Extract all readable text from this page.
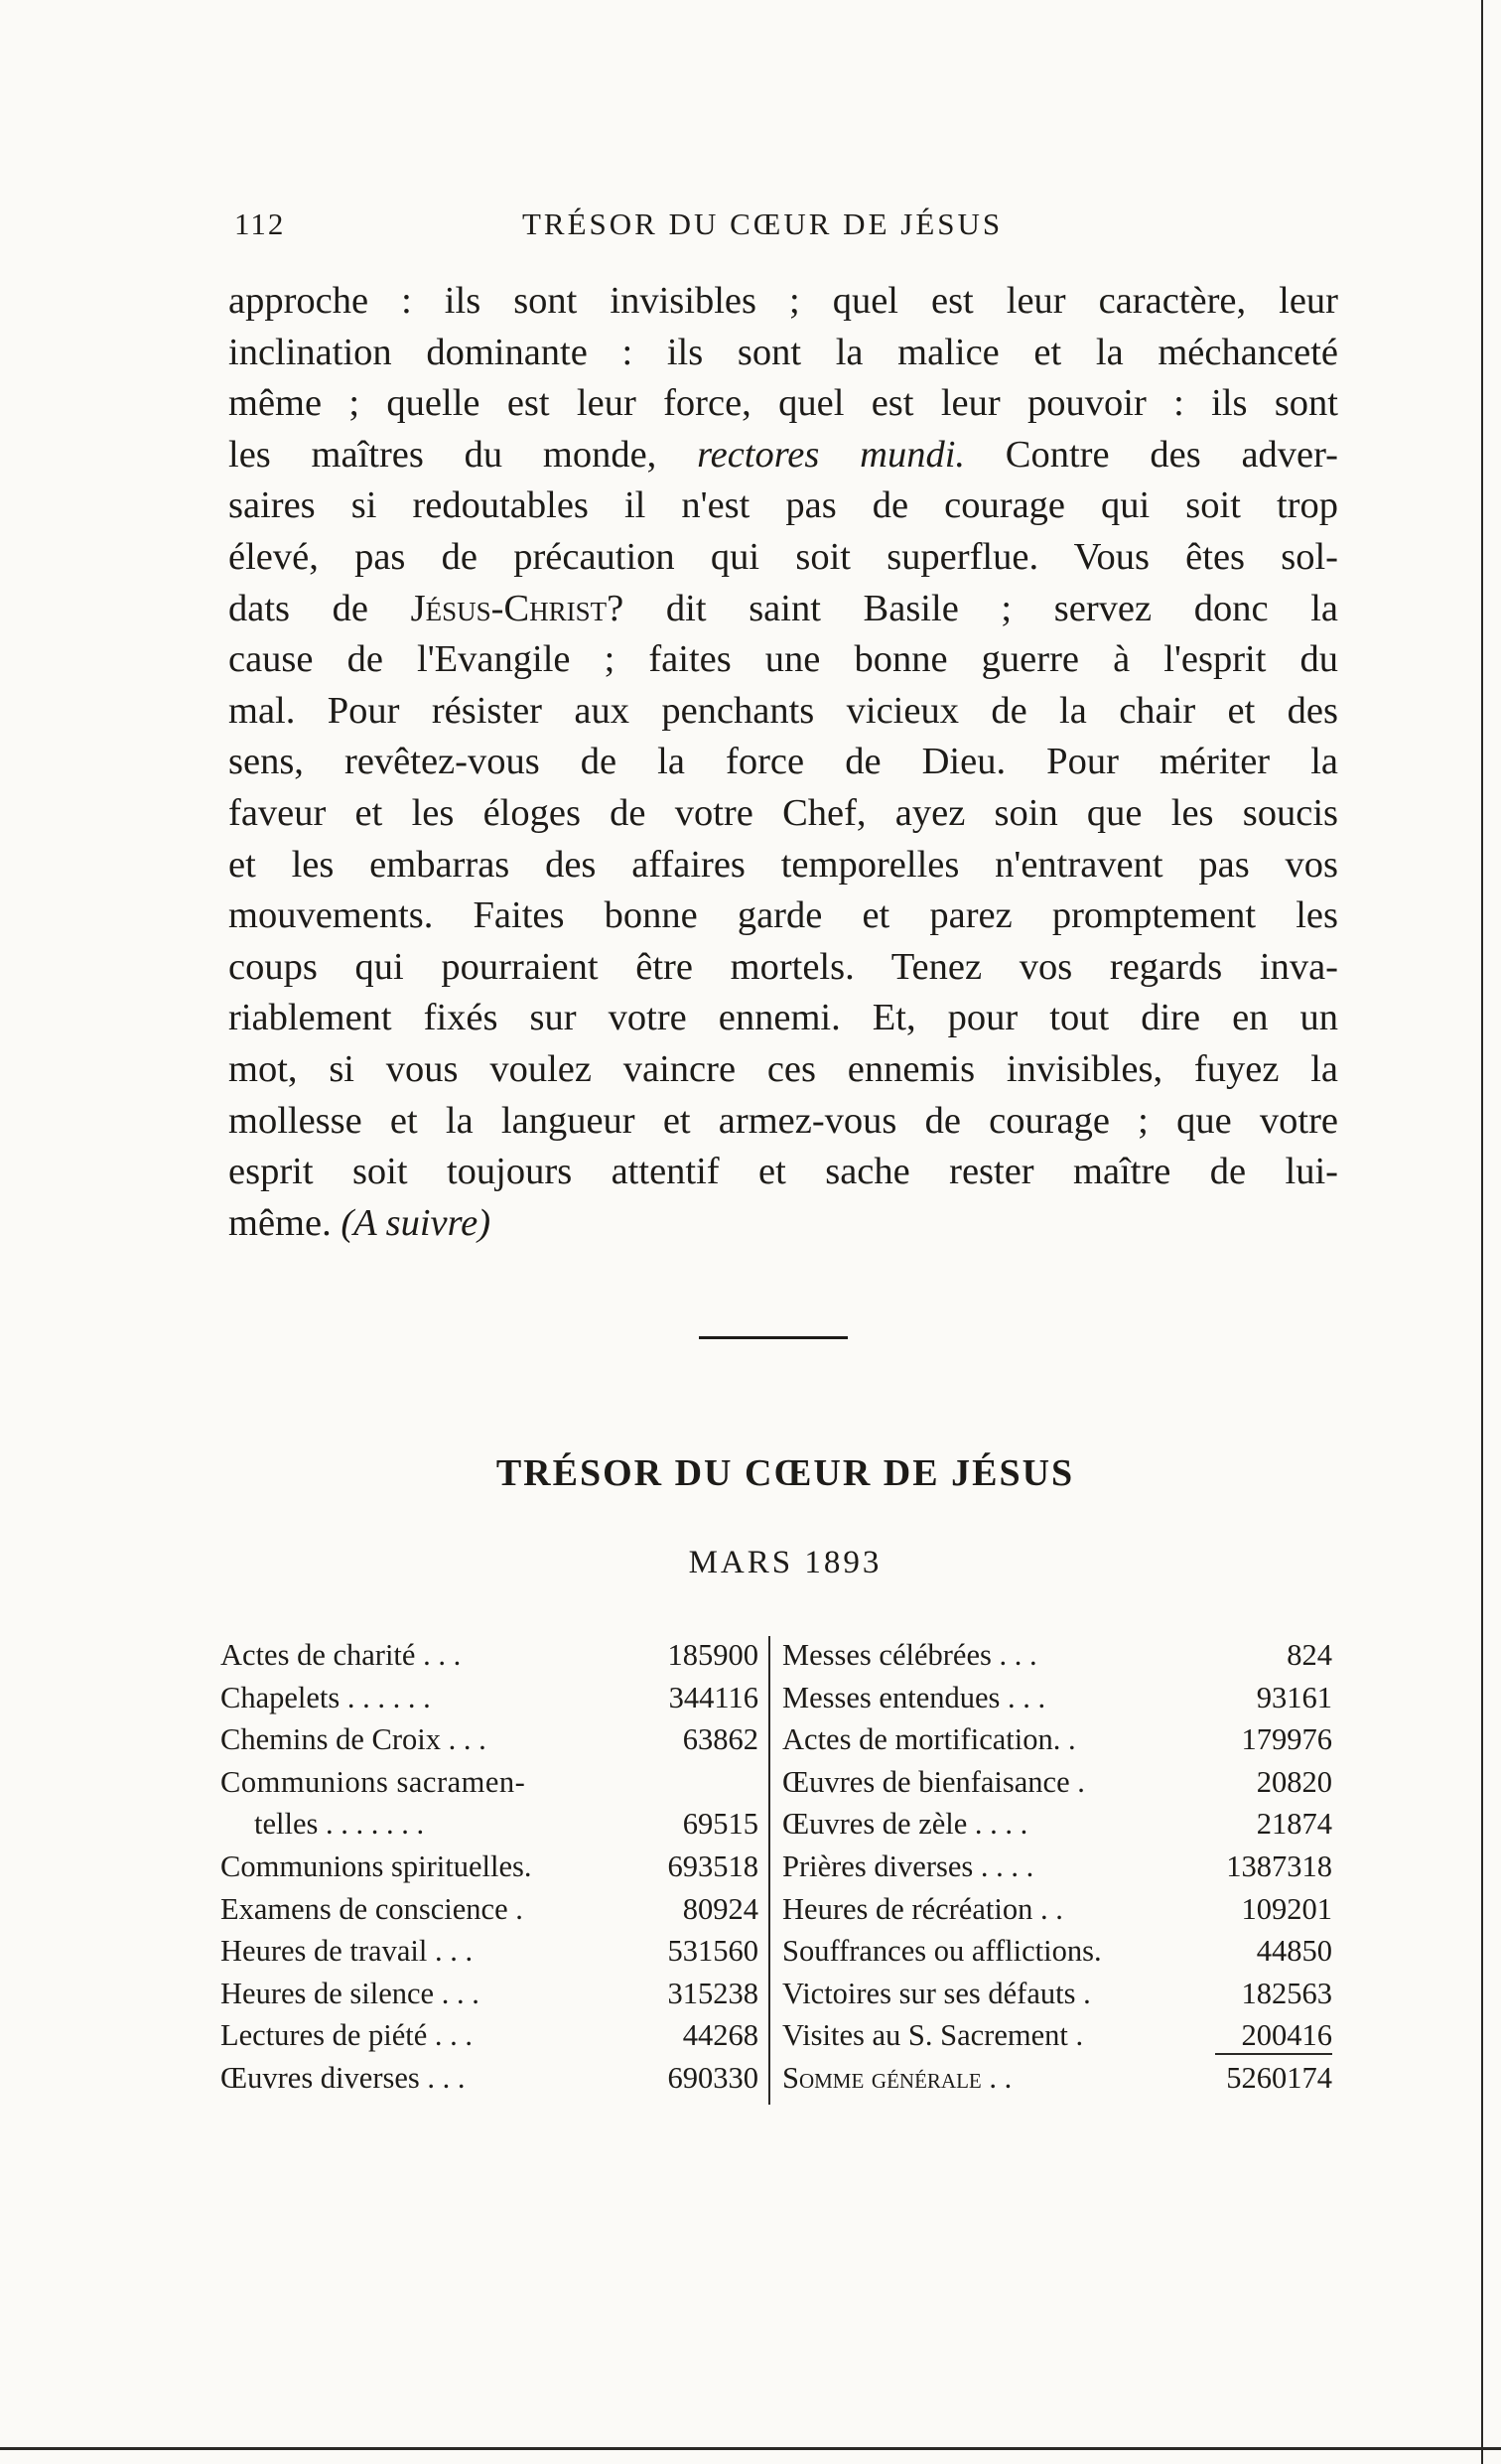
112	TRÉSOR DU CŒUR DE JÉSUS
approche : ils sont invisibles ; quel est leur caractère, leur
inclination dominante : ils sont la malice et la méchanceté
même ; quelle est leur force, quel est leur pouvoir : ils sont
les maîtres du monde, rectores mundi. Contre des adver-
saires si redoutables il n'est pas de courage qui soit trop
élevé, pas de précaution qui soit superflue. Vous êtes sol-
dats de Jésus-Christ? dit saint Basile ; servez donc la
cause de l'Evangile ; faites une bonne guerre à l'esprit du
mal. Pour résister aux penchants vicieux de la chair et des
sens, revêtez-vous de la force de Dieu. Pour mériter la
faveur et les éloges de votre Chef, ayez soin que les soucis
et les embarras des affaires temporelles n'entravent pas vos
mouvements. Faites bonne garde et parez promptement les
coups qui pourraient être mortels. Tenez vos regards inva-
riablement fixés sur votre ennemi. Et, pour tout dire en un
mot, si vous voulez vaincre ces ennemis invisibles, fuyez la
mollesse et la langueur et armez-vous de courage ; que votre
esprit soit toujours attentif et sache rester maître de lui-
même. (A suivre)
TRÉSOR DU CŒUR DE JÉSUS
MARS 1893
Actes de charité . . .	185900
Chapelets . . . . . .	344116
Chemins de Croix . . .	63862
Communions sacramen-
telles . . . . . . .	69515
Communions spirituelles.	693518
Examens de conscience .	80924
Heures de travail . . .	531560
Heures de silence . . .	315238
Lectures de piété . . .	44268
Œuvres diverses . . .	690330
Messes célébrées . . .	824
Messes entendues . . .	93161
Actes de mortification. .	179976
Œuvres de bienfaisance .	20820
Œuvres de zèle . . . .	21874
Prières diverses . . . .	1387318
Heures de récréation . .	109201
Souffrances ou afflictions.	44850
Victoires sur ses défauts .	182563
Visites au S. Sacrement .	200416
Somme générale . .	5260174
